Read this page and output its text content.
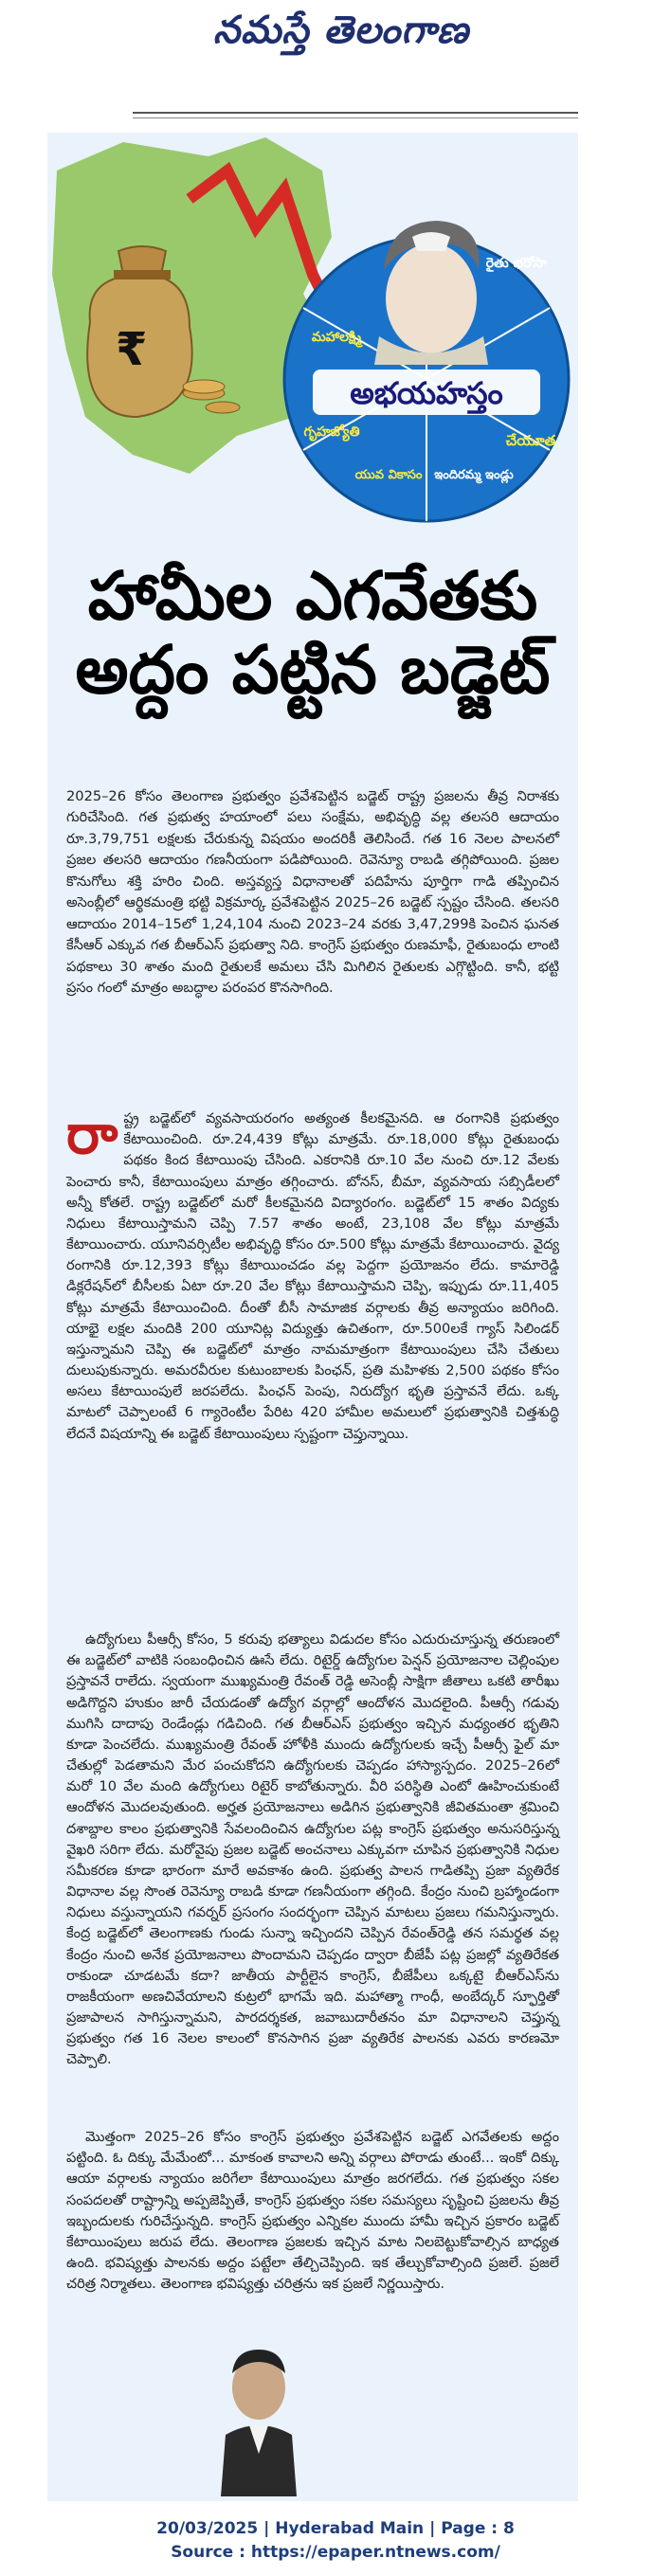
నమస్తే తెలంగాణ
₹
అభయహస్తం
మహాలక్ష్మి
రైతు భరోసా
గృహజ్యోతి	చేయూత
యువ వికాసం ఇందిరమ్మ ఇండ్లు
హామీల ఎగవేతకు
అద్దం పట్టిన బడ్జెట్
2025–26 కోసం తెలంగాణ ప్రభుత్వం ప్రవేశపెట్టిన బడ్జెట్ రాష్ట్ర ప్రజలను తీవ్ర నిరాశకు గురిచేసింది. గత ప్రభుత్వ హయాంలో పలు సంక్షేమ, అభివృద్ధి వల్ల తలసరి ఆదాయం రూ.3,79,751 లక్షలకు చేరుకున్న విషయం అందరికీ తెలిసిందే. గత 16 నెలల పాలనలో ప్రజల తలసరి ఆదాయం గణనీయంగా పడిపోయింది. రెవెన్యూ రాబడి తగ్గిపోయింది. ప్రజల కొనుగోలు శక్తి హరిం చింది. అస్తవ్యస్త విధానాలతో పదిహేను పూర్తిగా గాడి తప్పించిన అసెంబ్లీలో ఆర్థికమంత్రి భట్టి విక్రమార్క ప్రవేశపెట్టిన 2025–26 బడ్జెట్ స్పష్టం చేసింది. తలసరి ఆదాయం 2014–15లో 1,24,104 నుంచి 2023–24 వరకు 3,47,299కి పెంచిన ఘనత కేసీఆర్ ఎక్కువ గత బీఆర్ఎస్ ప్రభుత్వా నిది. కాంగ్రెస్ ప్రభుత్వం రుణమాఫీ, రైతుబంధు లాంటి పథకాలు 30 శాతం మంది రైతులకే అమలు చేసి మిగిలిన రైతులకు ఎగ్గొట్టింది. కానీ, భట్టి ప్రసం గంలో మాత్రం అబద్ధాల పరంపర కొనసాగింది.
రాష్ట్ర బడ్జెట్‌లో వ్యవసాయరంగం అత్యంత కీలకమైనది. ఆ రంగానికి ప్రభుత్వం కేటాయించింది. రూ.24,439 కోట్లు మాత్రమే. రూ.18,000 కోట్లు రైతుబంధు పథకం కింద కేటాయింపు చేసింది. ఎకరానికి రూ.10 వేల నుంచి రూ.12 వేలకు పెంచారు కానీ, కేటాయింపులు మాత్రం తగ్గించారు. బోనస్, బీమా, వ్యవసాయ సబ్సిడీలలో అన్నీ కోతలే. రాష్ట్ర బడ్జెట్‌లో మరో కీలకమైనది విద్యారంగం. బడ్జెట్‌లో 15 శాతం విద్యకు నిధులు కేటాయిస్తామని చెప్పి 7.57 శాతం అంటే, 23,108 వేల కోట్లు మాత్రమే కేటాయించారు. యూనివర్సిటీల అభివృద్ధి కోసం రూ.500 కోట్లు మాత్రమే కేటాయించారు. వైద్య రంగానికి రూ.12,393 కోట్లు కేటాయించడం వల్ల పెద్దగా ప్రయోజనం లేదు. కామారెడ్డి డిక్లరేషన్‌లో బీసీలకు ఏటా రూ.20 వేల కోట్లు కేటాయిస్తామని చెప్పి, ఇప్పుడు రూ.11,405 కోట్లు మాత్రమే కేటాయించింది. దీంతో బీసీ సామాజిక వర్గాలకు తీవ్ర అన్యాయం జరిగింది. యాభై లక్షల మందికి 200 యూనిట్ల విద్యుత్తు ఉచితంగా, రూ.500లకే గ్యాస్ సిలిండర్ ఇస్తున్నామని చెప్పి ఈ బడ్జెట్‌లో మాత్రం నామమాత్రంగా కేటాయింపులు చేసి చేతులు దులుపుకున్నారు. అమరవీరుల కుటుంబాలకు పింఛన్, ప్రతి మహిళకు 2,500 పథకం కోసం అసలు కేటాయింపులే జరపలేదు. పింఛన్ పెంపు, నిరుద్యోగ భృతి ప్రస్తావనే లేదు. ఒక్క మాటలో చెప్పాలంటే 6 గ్యారెంటీల పేరిట 420 హామీల అమలులో ప్రభుత్వానికి చిత్తశుద్ధి లేదనే విషయాన్ని ఈ బడ్జెట్ కేటాయింపులు స్పష్టంగా చెప్తున్నాయి.
ఉద్యోగులు పీఆర్సీ కోసం, 5 కరువు భత్యాలు విడుదల కోసం ఎదురుచూస్తున్న తరుణంలో ఈ బడ్జెట్‌లో వాటికి సంబంధించిన ఊసే లేదు. రిటైర్డ్ ఉద్యోగుల పెన్షన్ ప్రయోజనాల చెల్లింపుల ప్రస్తావనే రాలేదు. స్వయంగా ముఖ్యమంత్రి రేవంత్ రెడ్డి అసెంబ్లీ సాక్షిగా జీతాలు ఒకటి తారీఖు అడిగొద్దని హుకుం జారీ చేయడంతో ఉద్యోగ వర్గాల్లో ఆందోళన మొదలైంది. పీఆర్సీ గడువు ముగిసి దాదాపు రెండేండ్లు గడిచింది. గత బీఆర్ఎస్ ప్రభుత్వం ఇచ్చిన మధ్యంతర భృతిని కూడా పెంచలేదు. ముఖ్యమంత్రి రేవంత్ హోళీకి ముందు ఉద్యోగులకు ఇచ్చే పీఆర్సీ ఫైల్ మా చేతుల్లో పెడతామని మేర పంచుకోదని ఉద్యోగులకు చెప్పడం హాస్యాస్పదం. 2025–26లో మరో 10 వేల మంది ఉద్యోగులు రిటైర్ కాబోతున్నారు. వీరి పరిస్థితి ఎంటో ఊహించుకుంటే ఆందోళన మొదలవుతుంది. అర్హత ప్రయోజనాలు అడిగిన ప్రభుత్వానికి జీవితమంతా శ్రమించి దశాబ్దాల కాలం ప్రభుత్వానికి సేవలందించిన ఉద్యోగుల పట్ల కాంగ్రెస్ ప్రభుత్వం అనుసరిస్తున్న వైఖరి సరిగా లేదు. మరోవైపు ప్రజల బడ్జెట్ అంచనాలు ఎక్కువగా చూపిన ప్రభుత్వానికి నిధుల సమీకరణ కూడా భారంగా మారే అవకాశం ఉంది. ప్రభుత్వ పాలన గాడితప్పి ప్రజా వ్యతిరేక విధానాల వల్ల సొంత రెవెన్యూ రాబడి కూడా గణనీయంగా తగ్గింది. కేంద్రం నుంచి బ్రహ్మాండంగా నిధులు వస్తున్నాయని గవర్నర్ ప్రసంగం సందర్భంగా చెప్పిన మాటలు ప్రజలు గమనిస్తున్నారు. కేంద్ర బడ్జెట్‌లో తెలంగాణకు గుండు సున్నా ఇచ్చిందని చెప్పిన రేవంత్‌రెడ్డి తన సమర్థత వల్ల కేంద్రం నుంచి అనేక ప్రయోజనాలు పొందామని చెప్పడం ద్వారా బీజేపీ పట్ల ప్రజల్లో వ్యతిరేకత రాకుండా చూడటమే కదా? జాతీయ పార్టీలైన కాంగ్రెస్, బీజేపీలు ఒక్కటై బీఆర్ఎస్‌ను రాజకీయంగా అణచివేయాలని కుట్రలో భాగమే ఇది. మహాత్మా గాంధీ, అంబేద్కర్ స్ఫూర్తితో ప్రజాపాలన సాగిస్తున్నామని, పారదర్శకత, జవాబుదారీతనం మా విధానాలని చెప్తున్న ప్రభుత్వం గత 16 నెలల కాలంలో కొనసాగిన ప్రజా వ్యతిరేక పాలనకు ఎవరు కారణమో చెప్పాలి.
మొత్తంగా 2025–26 కోసం కాంగ్రెస్ ప్రభుత్వం ప్రవేశపెట్టిన బడ్జెట్ ఎగవేతలకు అద్దం పట్టింది. ఓ దిక్కు మేమేంటో... మాకంత కావాలని అన్ని వర్గాలు పోరాడు తుంటే... ఇంకో దిక్కు ఆయా వర్గాలకు న్యాయం జరిగేలా కేటాయింపులు మాత్రం జరగలేదు. గత ప్రభుత్వం సకల సంపదలతో రాష్ట్రాన్ని అప్పజెప్పితే, కాంగ్రెస్ ప్రభుత్వం సకల సమస్యలు సృష్టించి ప్రజలను తీవ్ర ఇబ్బందులకు గురిచేస్తున్నది. కాంగ్రెస్ ప్రభుత్వం ఎన్నికల ముందు హామీ ఇచ్చిన ప్రకారం బడ్జెట్ కేటాయింపులు జరుప లేదు. తెలంగాణ ప్రజలకు ఇచ్చిన మాట నిలబెట్టుకోవాల్సిన బాధ్యత ఉంది. భవిష్యత్తు పాలనకు అద్దం పట్టేలా తేల్చిచెప్పింది. ఇక తేల్చుకోవాల్సింది ప్రజలే. ప్రజలే చరిత్ర నిర్మాతలు. తెలంగాణ భవిష్యత్తు చరిత్రను ఇక ప్రజలే నిర్ణయిస్తారు.
20/03/2025 | Hyderabad Main | Page : 8
Source : https://epaper.ntnews.com/
